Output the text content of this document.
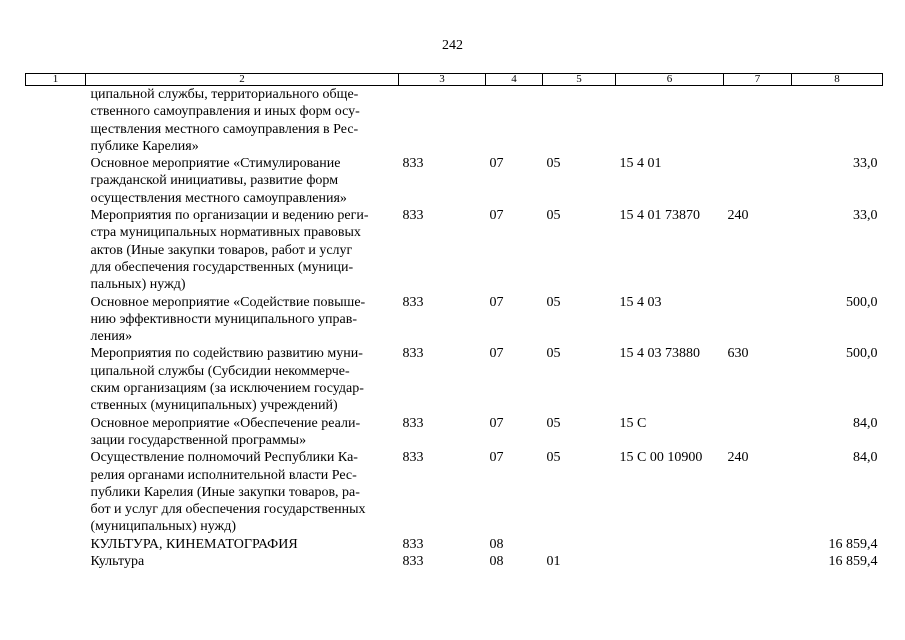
242
1	2	3	4	5	6	7	8

	ципальной службы, территориального обще-
ственного самоуправления и иных форм осу-
ществления местного самоуправления в Рес-
публике Карелия»						

	Основное мероприятие «Стимулирование
гражданской инициативы, развитие форм
осуществления местного самоуправления»	833	07	05	15 4 01		33,0

	Мероприятия по организации и ведению реги-
стра муниципальных нормативных правовых
актов (Иные закупки товаров, работ и услуг
для обеспечения государственных (муници-
пальных) нужд)	833	07	05	15 4 01 73870	240	33,0

	Основное мероприятие «Содействие повыше-
нию эффективности муниципального управ-
ления»	833	07	05	15 4 03		500,0

	Мероприятия по содействию развитию муни-
ципальной службы (Субсидии некоммерче-
ским организациям (за исключением государ-
ственных (муниципальных) учреждений)	833	07	05	15 4 03 73880	630	500,0

	Основное мероприятие «Обеспечение реали-
зации государственной программы»	833	07	05	15 С		84,0

	Осуществление полномочий Республики Ка-
релия органами исполнительной власти Рес-
публики Карелия (Иные закупки товаров, ра-
бот и услуг для обеспечения государственных
(муниципальных) нужд)	833	07	05	15 С 00 10900	240	84,0

	КУЛЬТУРА, КИНЕМАТОГРАФИЯ	833	08				16 859,4

	Культура	833	08	01			16 859,4
